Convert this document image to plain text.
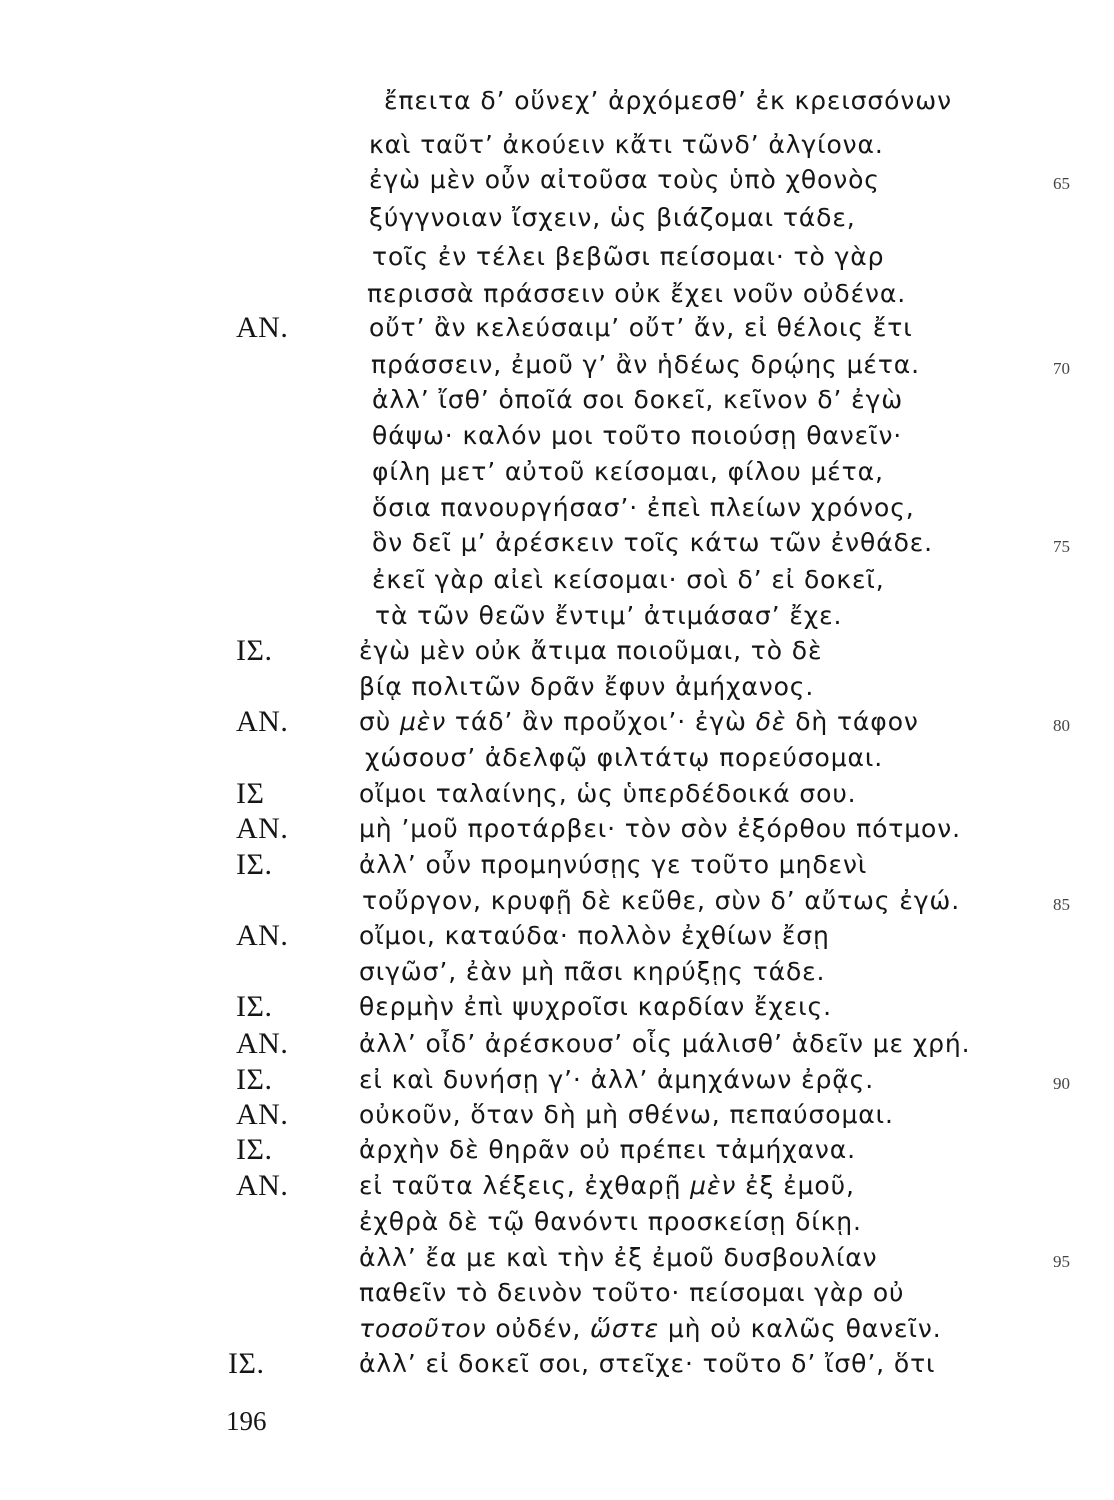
ἔπειτα δ’ οὕνεχ’ ἀρχόμεσθ’ ἐκ κρεισσόνων
καὶ ταῦτ’ ἀκούειν κἄτι τῶνδ’ ἀλγίονα.
ἐγὼ μὲν οὖν αἰτοῦσα τοὺς ὑπὸ χθονὸς	65
ξύγγνοιαν ἴσχειν, ὡς βιάζομαι τάδε,
τοῖς ἐν τέλει βεβῶσι πείσομαι· τὸ γὰρ
περισσὰ πράσσειν οὐκ ἔχει νοῦν οὐδένα.
AN.	οὔτ’ ἂν κελεύσαιμ’ οὔτ’ ἄν, εἰ θέλοις ἔτι
πράσσειν, ἐμοῦ γ’ ἂν ἡδέως δρῴης μέτα.	70
ἀλλ’ ἴσθ’ ὁποῖά σοι δοκεῖ, κεῖνον δ’ ἐγὼ
θάψω· καλόν μοι τοῦτο ποιούσῃ θανεῖν·
φίλη μετ’ αὐτοῦ κείσομαι, φίλου μέτα,
ὅσια πανουργήσασ’· ἐπεὶ πλείων χρόνος,
ὃν δεῖ μ’ ἀρέσκειν τοῖς κάτω τῶν ἐνθάδε.	75
ἐκεῖ γὰρ αἰεὶ κείσομαι· σοὶ δ’ εἰ δοκεῖ,
τὰ τῶν θεῶν ἔντιμ’ ἀτιμάσασ’ ἔχε.
IΣ.	ἐγὼ μὲν οὐκ ἄτιμα ποιοῦμαι, τὸ δὲ
βίᾳ πολιτῶν δρᾶν ἔφυν ἀμήχανος.
AN.	σὺ μὲν τάδ’ ἂν προὔχοι’· ἐγὼ δὲ δὴ τάφον	80
χώσουσ’ ἀδελφῷ φιλτάτῳ πορεύσομαι.
IΣ	οἴμοι ταλαίνης, ὡς ὑπερδέδοικά σου.
AN.	μὴ ’μοῦ προτάρβει· τὸν σὸν ἐξόρθου πότμον.
IΣ.	ἀλλ’ οὖν προμηνύσῃς γε τοῦτο μηδενὶ
τοὔργον, κρυφῇ δὲ κεῦθε, σὺν δ’ αὔτως ἐγώ.	85
AN.	οἴμοι, καταύδα· πολλὸν ἐχθίων ἔσῃ
σιγῶσ’, ἐὰν μὴ πᾶσι κηρύξῃς τάδε.
IΣ.	θερμὴν ἐπὶ ψυχροῖσι καρδίαν ἔχεις.
AN.	ἀλλ’ οἶδ’ ἀρέσκουσ’ οἷς μάλισθ’ ἁδεῖν με χρή.
IΣ.	εἰ καὶ δυνήσῃ γ’· ἀλλ’ ἀμηχάνων ἐρᾷς.	90
AN.	οὐκοῦν, ὅταν δὴ μὴ σθένω, πεπαύσομαι.
IΣ.	ἀρχὴν δὲ θηρᾶν οὐ πρέπει τἀμήχανα.
AN.	εἰ ταῦτα λέξεις, ἐχθαρῇ μὲν ἐξ ἐμοῦ,
ἐχθρὰ δὲ τῷ θανόντι προσκείσῃ δίκῃ.
ἀλλ’ ἔα με καὶ τὴν ἐξ ἐμοῦ δυσβουλίαν	95
παθεῖν τὸ δεινὸν τοῦτο· πείσομαι γὰρ οὐ
τοσοῦτον οὐδέν, ὥστε μὴ οὐ καλῶς θανεῖν.
IΣ.	ἀλλ’ εἰ δοκεῖ σοι, στεῖχε· τοῦτο δ’ ἴσθ’, ὅτι
196
